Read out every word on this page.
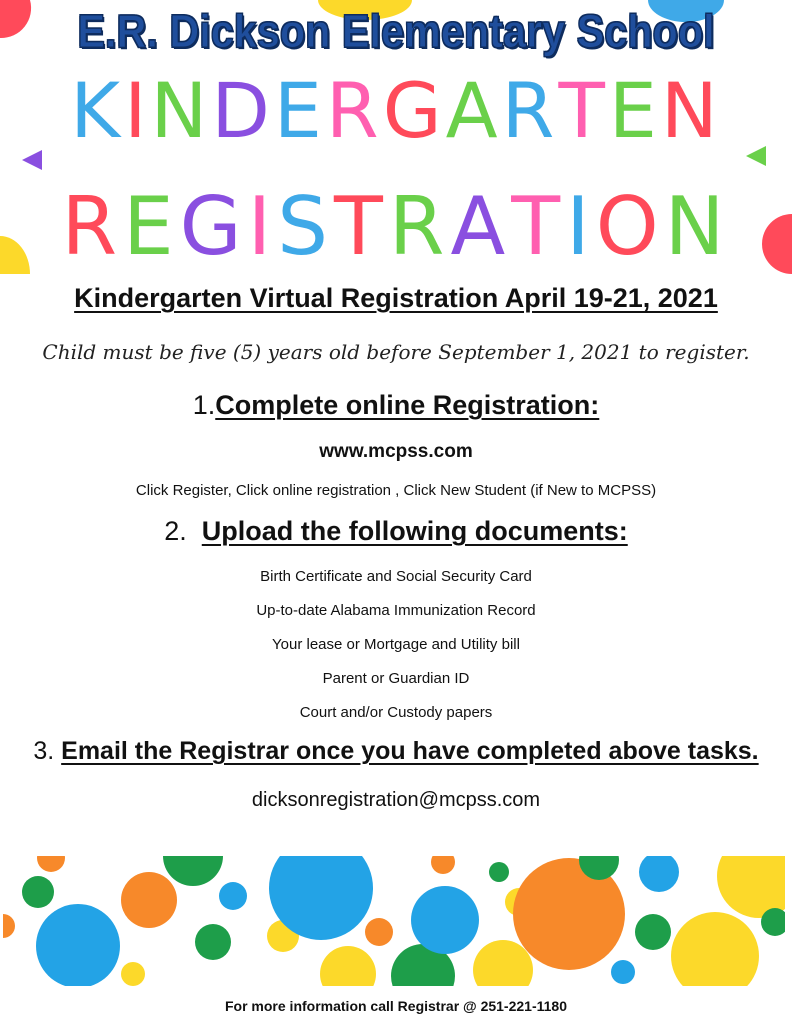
E.R. Dickson Elementary School
K I N D E R G A R T E N
R E G I S T R A T I O N
Kindergarten Virtual Registration April 19-21, 2021
Child must be five (5) years old before September 1, 2021 to register.
1.Complete online Registration:
www.mcpss.com
Click Register, Click online registration , Click New Student (if New to MCPSS)
2.  Upload the following documents:
Birth Certificate and Social Security Card
Up-to-date Alabama Immunization Record
Your lease or Mortgage and Utility bill
Parent or Guardian ID
Court and/or Custody papers
3. Email the Registrar once you have completed above tasks.
dicksonregistration@mcpss.com
For more information call Registrar @ 251-221-1180
